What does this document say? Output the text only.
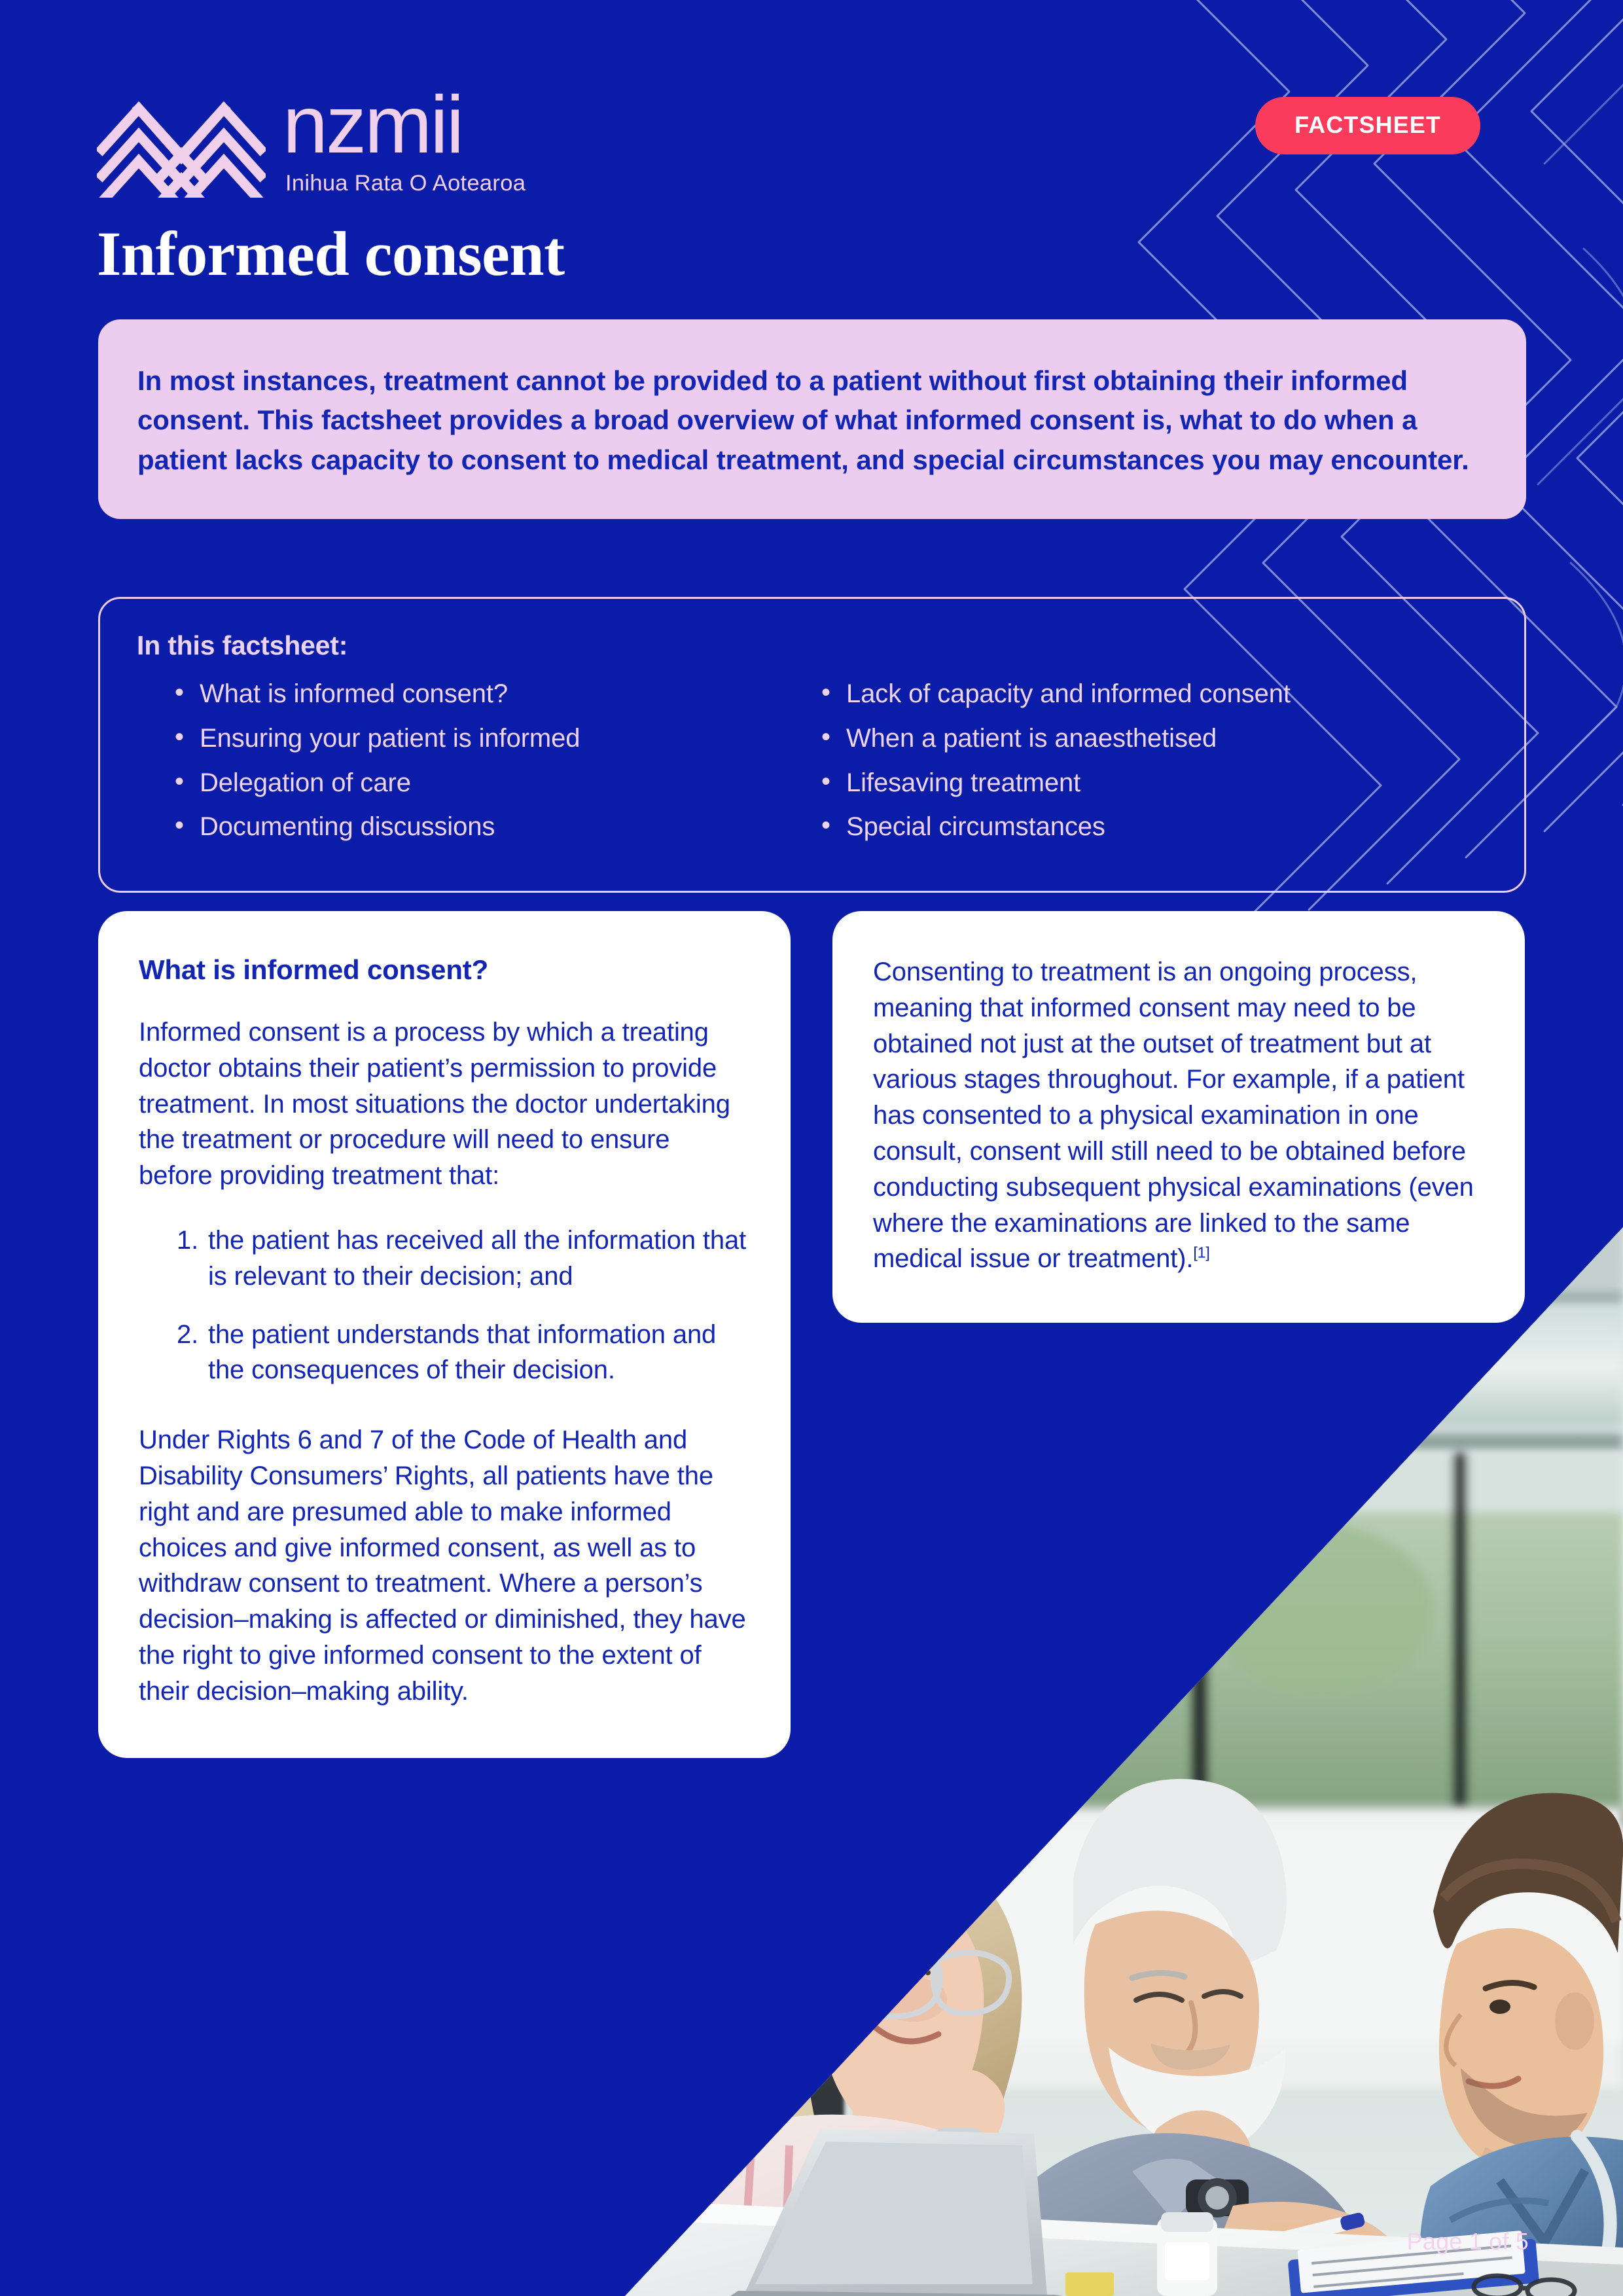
nzmii
Inihua Rata O Aotearoa
FACTSHEET
Informed consent

In most instances, treatment cannot be provided to a patient without first obtaining their informed consent. This factsheet provides a broad overview of what informed consent is, what to do when a patient lacks capacity to consent to medical treatment, and special circumstances you may encounter.

In this factsheet:
• What is informed consent?
• Ensuring your patient is informed
• Delegation of care
• Documenting discussions
• Lack of capacity and informed consent
• When a patient is anaesthetised
• Lifesaving treatment
• Special circumstances
What is informed consent?

Informed consent is a process by which a treating doctor obtains their patient’s permission to provide treatment. In most situations the doctor undertaking the treatment or procedure will need to ensure before providing treatment that:

the patient has received all the information that is relevant to their decision; and
the patient understands that information and the consequences of their decision.

Under Rights 6 and 7 of the Code of Health and Disability Consumers’ Rights, all patients have the right and are presumed able to make informed choices and give informed consent, as well as to withdraw consent to treatment. Where a person’s decision–making is affected or diminished, they have the right to give informed consent to the extent of their decision–making ability.

Consenting to treatment is an ongoing process, meaning that informed consent may need to be obtained not just at the outset of treatment but at various stages throughout. For example, if a patient has consented to a physical examination in one consult, consent will still need to be obtained before conducting subsequent physical examinations (even where the examinations are linked to the same medical issue or treatment).[1]

Page 1 of 5
